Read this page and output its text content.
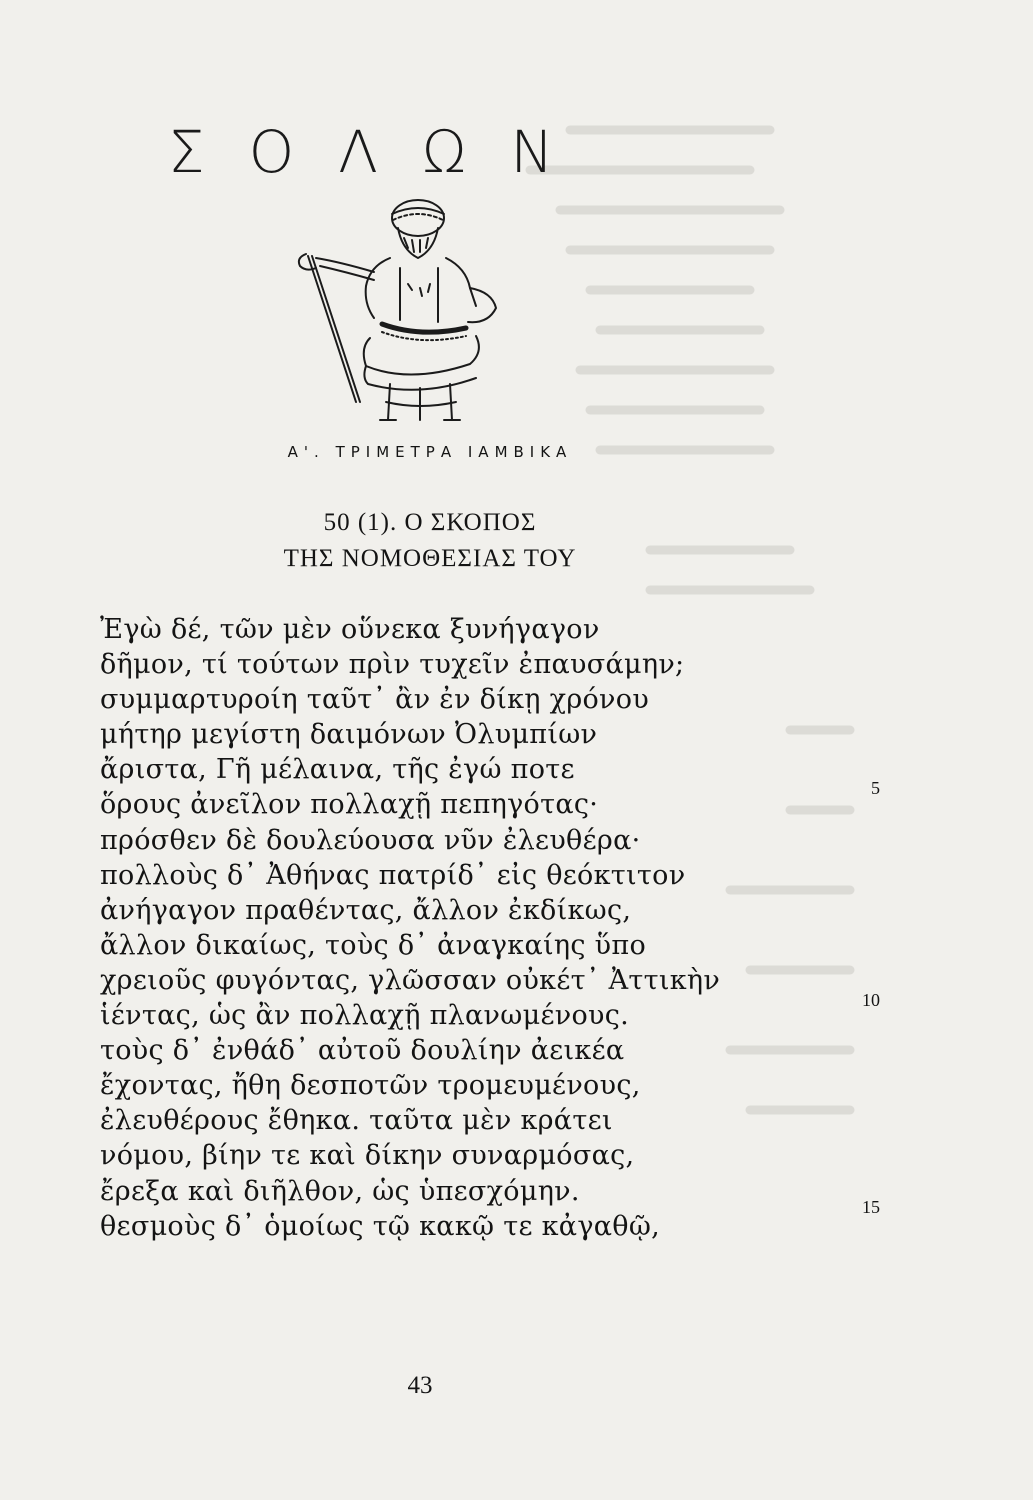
ΣΟΛΩΝ
Α'. ΤΡΙΜΕΤΡΑ ΙΑΜΒΙΚΑ
50 (1). Ο ΣΚΟΠΟΣ
ΤΗΣ ΝΟΜΟΘΕΣΙΑΣ ΤΟΥ
Ἐγὼ δέ, τῶν μὲν οὕνεκα ξυνήγαγον
δῆμον, τί τούτων πρὶν τυχεῖν ἐπαυσάμην;
συμμαρτυροίη ταῦτ᾽ ἂν ἐν δίκῃ χρόνου
μήτηρ μεγίστη δαιμόνων Ὀλυμπίων
ἄριστα, Γῆ μέλαινα, τῆς ἐγώ ποτε
ὅρους ἀνεῖλον πολλαχῇ πεπηγότας·
πρόσθεν δὲ δουλεύουσα νῦν ἐλευθέρα·
πολλοὺς δ᾽ Ἀθήνας πατρίδ᾽ εἰς θεόκτιτον
ἀνήγαγον πραθέντας, ἄλλον ἐκδίκως,
ἄλλον δικαίως, τοὺς δ᾽ ἀναγκαίης ὕπο
χρειοῦς φυγόντας, γλῶσσαν οὐκέτ᾽ Ἀττικὴν
ἱέντας, ὡς ἂν πολλαχῇ πλανωμένους.
τοὺς δ᾽ ἐνθάδ᾽ αὐτοῦ δουλίην ἀεικέα
ἔχοντας, ἤθη δεσποτῶν τρομευμένους,
ἐλευθέρους ἔθηκα. ταῦτα μὲν κράτει
νόμου, βίην τε καὶ δίκην συναρμόσας,
ἔρεξα καὶ διῆλθον, ὡς ὑπεσχόμην.
θεσμοὺς δ᾽ ὁμοίως τῷ κακῷ τε κἀγαθῷ,
5
10
15
43
